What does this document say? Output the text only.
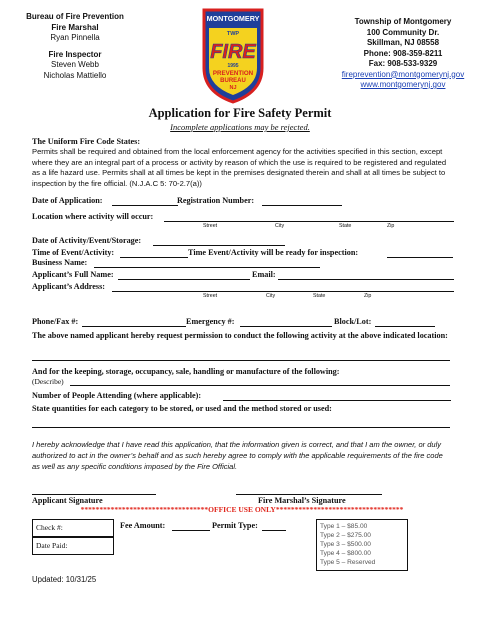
Bureau of Fire Prevention
Fire Marshal
Ryan Pinnella
Fire Inspector
Steven Webb
Nicholas Mattiello
MONTGOMERY
TWP
FIRE
1995
PREVENTION
BUREAU
NJ
Township of Montgomery
100 Community Dr.
Skillman, NJ 08558
Phone: 908-359-8211
Fax: 908-533-9329
fireprevention@montgomerynj.gov
www.montgomerynj.gov
Application for Fire Safety Permit
Incomplete applications may be rejected.
The Uniform Fire Code States:
Permits shall be required and obtained from the local enforcement agency for the activities specified in this section, except where they are an integral part of a process or activity by reason of which the use is required to be registered and regulated as a life hazard use. Permits shall at all times be kept in the premises designated therein and shall at all times be subject to inspection by the fire official. (N.J.A.C 5: 70-2.7(a))
Date of Application:	Registration Number:
Location where activity will occur:
Street	City	State	Zip
Date of Activity/Event/Storage:
Time of Event/Activity:	Time Event/Activity will be ready for inspection:
Business Name:
Applicant’s Full Name:	Email:
Applicant’s Address:
Street	City	State	Zip
Phone/Fax #:	Emergency #:	Block/Lot:
The above named applicant hereby request permission to conduct the following activity at the above indicated location:
And for the keeping, storage, occupancy, sale, handling or manufacture of the following:
(Describe)
Number of People Attending (where applicable):
State quantities for each category to be stored, or used and the method stored or used:
I hereby acknowledge that I have read this application, that the information given is correct, and that I am the owner, or duly authorized to act in the owner’s behalf and as such hereby agree to comply with the applicable requirements of the fire code as well as any specific conditions imposed by the Fire Official.
Applicant Signature	Fire Marshal’s Signature
**********************************OFFICE USE ONLY**********************************
Check #:
Date Paid:
Fee Amount:	Permit Type:	Type 1 – $85.00
Type 2 – $275.00
Type 3 – $500.00
Type 4 – $800.00
Type 5 – Reserved
Updated: 10/31/25
